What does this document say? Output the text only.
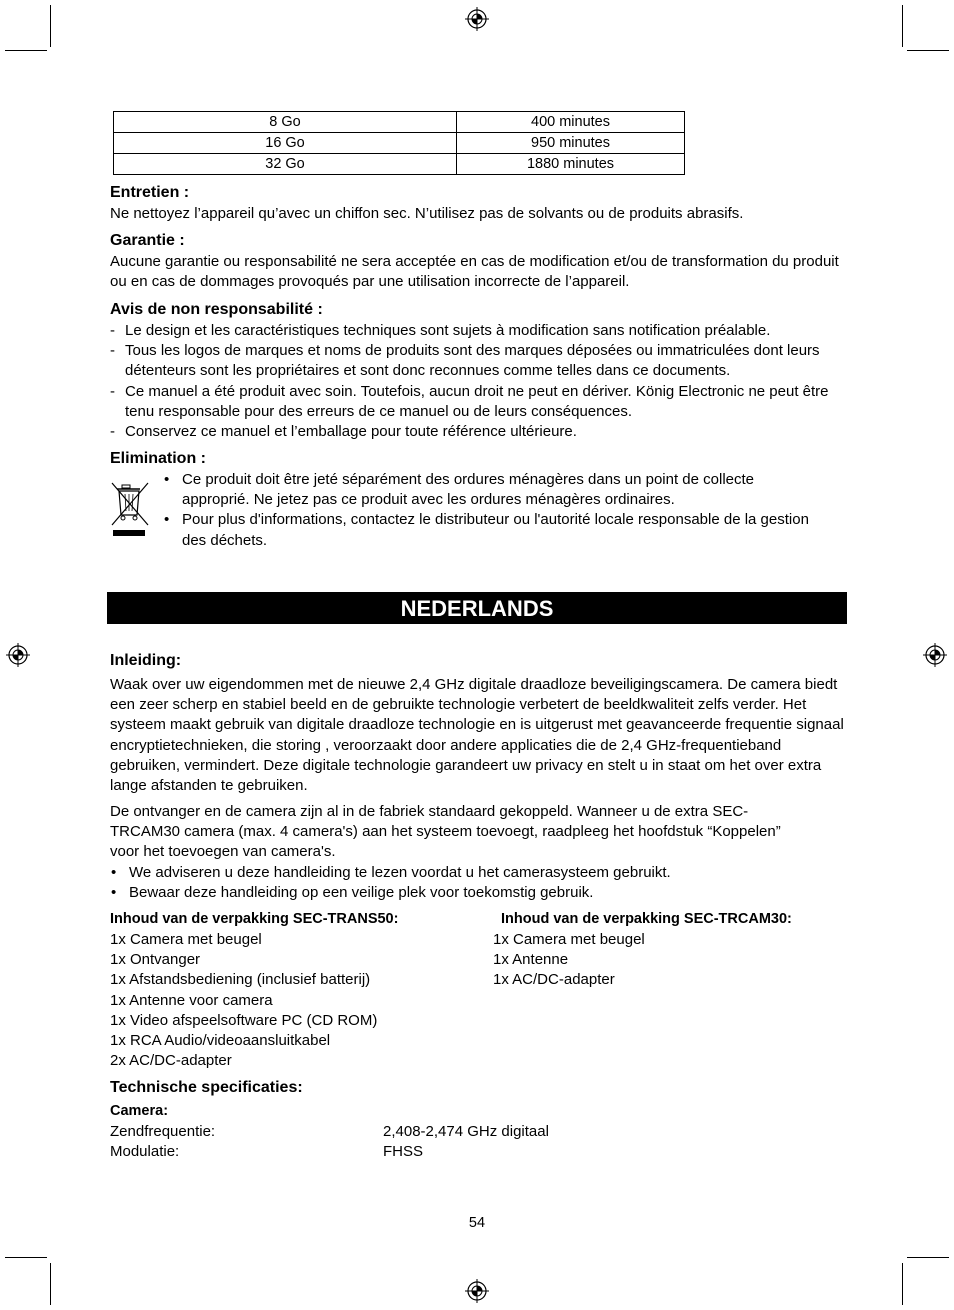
8 Go	400 minutes
16 Go	950 minutes
32 Go	1880 minutes
Entretien :
Ne nettoyez l’appareil qu’avec un chiffon sec. N’utilisez pas de solvants ou de produits abrasifs.
Garantie :
Aucune garantie ou responsabilité ne sera acceptée en cas de modification et/ou de transformation du produit ou en cas de dommages provoqués par une utilisation incorrecte de l’appareil.
Avis de non responsabilité :
- Le design et les caractéristiques techniques sont sujets à modification sans notification préalable.
- Tous les logos de marques et noms de produits sont des marques déposées ou immatriculées dont leurs détenteurs sont les propriétaires et sont donc reconnues comme telles dans ce documents.
- Ce manuel a été produit avec soin. Toutefois, aucun droit ne peut en dériver. König Electronic ne peut être tenu responsable pour des erreurs de ce manuel ou de leurs conséquences.
- Conservez ce manuel et l’emballage pour toute référence ultérieure.
Elimination :
• Ce produit doit être jeté séparément des ordures ménagères dans un point de collecte approprié. Ne jetez pas ce produit avec les ordures ménagères ordinaires.
• Pour plus d'informations, contactez le distributeur ou l'autorité locale responsable de la gestion des déchets.
NEDERLANDS
Inleiding:
Waak over uw eigendommen met de nieuwe 2,4 GHz digitale draadloze beveiligingscamera. De camera biedt een zeer scherp en stabiel beeld en de gebruikte technologie verbetert de beeldkwaliteit zelfs verder. Het systeem maakt gebruik van digitale draadloze technologie en is uitgerust met geavanceerde frequentie signaal encryptietechnieken, die storing , veroorzaakt door andere applicaties die de 2,4 GHz-frequentieband gebruiken, vermindert. Deze digitale technologie garandeert uw privacy en stelt u in staat om het over extra lange afstanden te gebruiken.
De ontvanger en de camera zijn al in de fabriek standaard gekoppeld. Wanneer u de extra SEC-TRCAM30 camera (max. 4 camera's) aan het systeem toevoegt, raadpleeg het hoofdstuk “Koppelen” voor het toevoegen van camera's.
• We adviseren u deze handleiding te lezen voordat u het camerasysteem gebruikt.
• Bewaar deze handleiding op een veilige plek voor toekomstig gebruik.
Inhoud van de verpakking SEC-TRANS50:
1x Camera met beugel
1x Ontvanger
1x Afstandsbediening (inclusief batterij)
1x Antenne voor camera
1x Video afspeelsoftware PC (CD ROM)
1x RCA Audio/videoaansluitkabel
2x AC/DC-adapter
Inhoud van de verpakking SEC-TRCAM30:
1x Camera met beugel
1x Antenne
1x AC/DC-adapter
Technische specificaties:
Camera:
Zendfrequentie:	2,408-2,474 GHz digitaal
Modulatie:	FHSS
54
